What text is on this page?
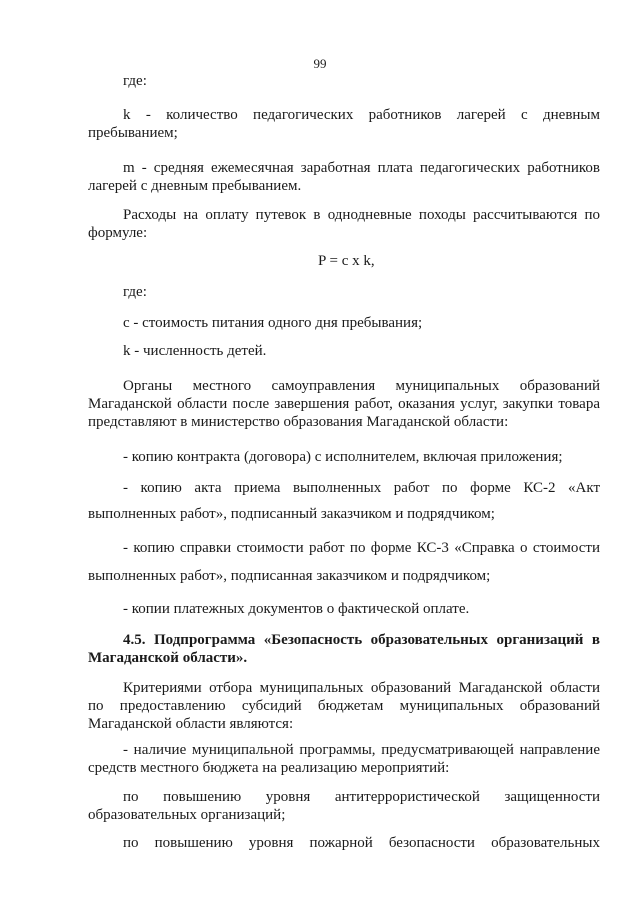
99

где:

k - количество педагогических работников лагерей с дневным
пребыванием;
m - средняя ежемесячная заработная плата педагогических работников
лагерей с дневным пребыванием.
Расходы на оплату путевок в однодневные походы рассчитываются по
формуле:
P = c x k,

где:

c - стоимость питания одного дня пребывания;

k - численность детей.

Органы местного самоуправления муниципальных образований
Магаданской области после завершения работ, оказания услуг, закупки товара
представляют в министерство образования Магаданской области:

- копию контракта (договора) с исполнителем, включая приложения;

- копию акта приема выполненных работ по форме КС-2 «Акт
выполненных работ», подписанный заказчиком и подрядчиком;
- копию справки стоимости работ по форме КС-3 «Справка о стоимости
выполненных работ», подписанная заказчиком и подрядчиком;

- копии платежных документов о фактической оплате.

4.5. Подпрограмма «Безопасность образовательных организаций в
Магаданской области».
Критериями отбора муниципальных образований Магаданской области
по предоставлению субсидий бюджетам муниципальных образований
Магаданской области являются:
- наличие муниципальной программы, предусматривающей направление
средств местного бюджета на реализацию мероприятий:
по повышению уровня антитеррористической защищенности
образовательных организаций;
по повышению уровня пожарной безопасности образовательных
